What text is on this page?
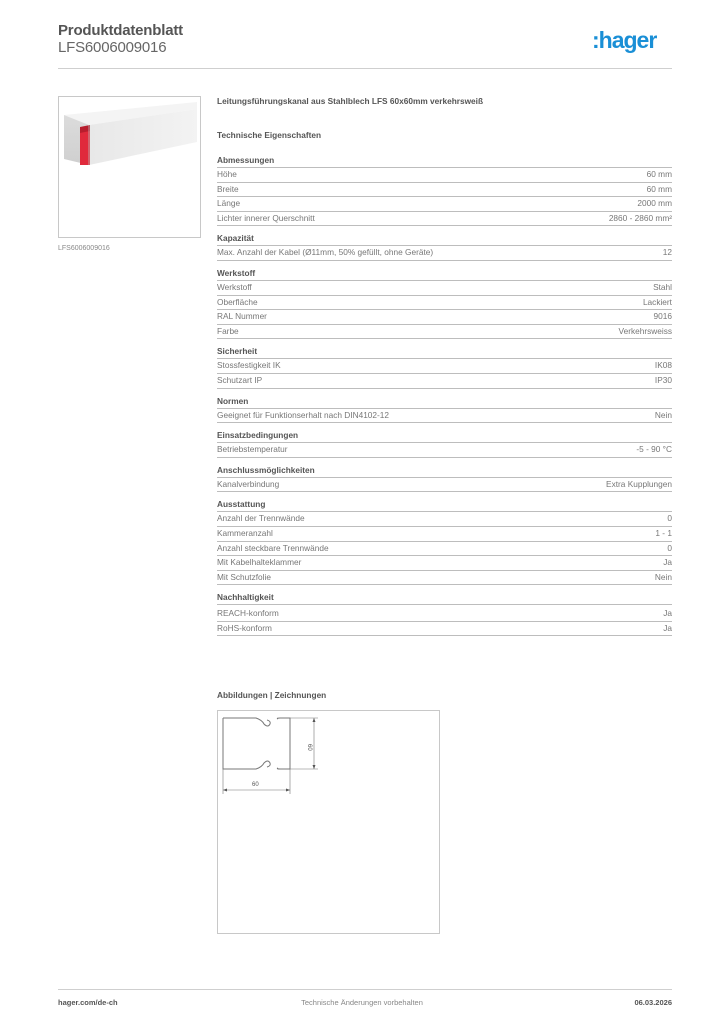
Produktdatenblatt
LFS6006009016	:hager
LFS6006009016
Leitungsführungskanal aus Stahlblech LFS 60x60mm verkehrsweiß
Technische Eigenschaften
Abmessungen
Höhe	60 mm
Breite	60 mm
Länge	2000 mm
Lichter innerer Querschnitt	2860 - 2860 mm²
Kapazität
Max. Anzahl der Kabel (Ø11mm, 50% gefüllt, ohne Geräte)	12
Werkstoff
Werkstoff	Stahl
Oberfläche	Lackiert
RAL Nummer	9016
Farbe	Verkehrsweiss
Sicherheit
Stossfestigkeit IK	IK08
Schutzart IP	IP30
Normen
Geeignet für Funktionserhalt nach DIN4102-12	Nein
Einsatzbedingungen
Betriebstemperatur	-5 - 90 °C
Anschlussmöglichkeiten
Kanalverbindung	Extra Kupplungen
Ausstattung
Anzahl der Trennwände	0
Kammeranzahl	1 - 1
Anzahl steckbare Trennwände	0
Mit Kabelhalteklammer	Ja
Mit Schutzfolie	Nein
Nachhaltigkeit
REACH-konform	Ja
RoHS-konform	Ja
Abbildungen | Zeichnungen
60
60
hager.com/de-ch	Technische Änderungen vorbehalten	06.03.2026
